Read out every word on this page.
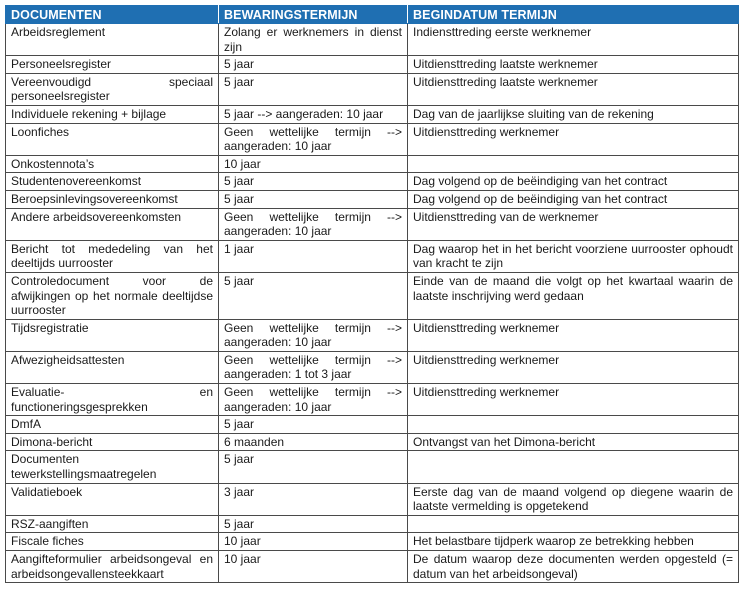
DOCUMENTEN	BEWARINGSTERMIJN	BEGINDATUM TERMIJN
Arbeidsreglement	Zolang er werknemers in dienst zijn	Indiensttreding eerste werknemer
Personeelsregister	5 jaar	Uitdiensttreding laatste werknemer
Vereenvoudigd speciaal personeelsregister	5 jaar	Uitdiensttreding laatste werknemer
Individuele rekening + bijlage	5 jaar --> aangeraden: 10 jaar	Dag van de jaarlijkse sluiting van de rekening
Loonfiches	Geen wettelijke termijn --> aangeraden: 10 jaar	Uitdiensttreding werknemer
Onkostennota’s	10 jaar	
Studentenovereenkomst	5 jaar	Dag volgend op de beëindiging van het contract
Beroepsinlevingsovereenkomst	5 jaar	Dag volgend op de beëindiging van het contract
Andere arbeidsovereenkomsten	Geen wettelijke termijn --> aangeraden: 10 jaar	Uitdiensttreding van de werknemer
Bericht tot mededeling van het deeltijds uurrooster	1 jaar	Dag waarop het in het bericht voorziene uurrooster ophoudt van kracht te zijn
Controledocument voor de afwijkingen op het normale deeltijdse uurrooster	5 jaar	Einde van de maand die volgt op het kwartaal waarin de laatste inschrijving werd gedaan
Tijdsregistratie	Geen wettelijke termijn --> aangeraden: 10 jaar	Uitdiensttreding werknemer
Afwezigheidsattesten	Geen wettelijke termijn --> aangeraden: 1 tot 3 jaar	Uitdiensttreding werknemer
Evaluatie- en functioneringsgesprekken	Geen wettelijke termijn --> aangeraden: 10 jaar	Uitdiensttreding werknemer
DmfA	5 jaar	
Dimona-bericht	6 maanden	Ontvangst van het Dimona-bericht
Documenten tewerkstellingsmaatregelen	5 jaar	
Validatieboek	3 jaar	Eerste dag van de maand volgend op diegene waarin de laatste vermelding is opgetekend
RSZ-aangiften	5 jaar	
Fiscale fiches	10 jaar	Het belastbare tijdperk waarop ze betrekking hebben
Aangifteformulier arbeidsongeval en arbeidsongevallensteekkaart	10 jaar	De datum waarop deze documenten werden opgesteld (= datum van het arbeidsongeval)
